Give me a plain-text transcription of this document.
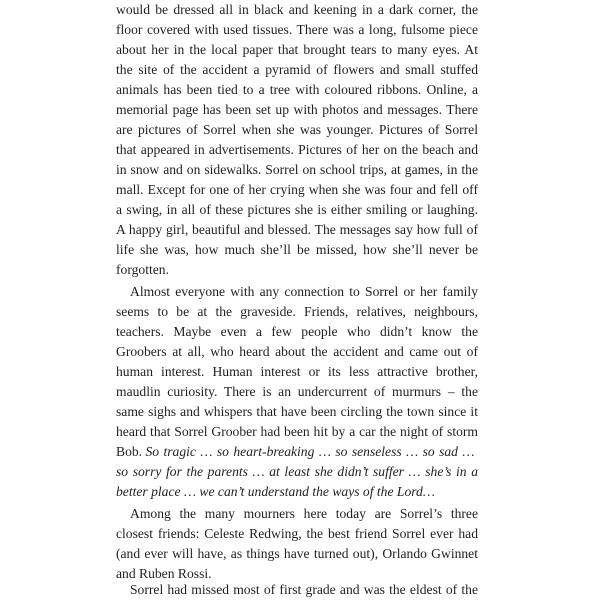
would be dressed all in black and keening in a dark corner, the
floor covered with used tissues. There was a long, fulsome piece
about her in the local paper that brought tears to many eyes. At
the site of the accident a pyramid of flowers and small stuffed
animals has been tied to a tree with coloured ribbons. Online, a
memorial page has been set up with photos and messages. There
are pictures of Sorrel when she was younger. Pictures of Sorrel
that appeared in advertisements. Pictures of her on the beach and
in snow and on sidewalks. Sorrel on school trips, at games, in the
mall. Except for one of her crying when she was four and fell off
a swing, in all of these pictures she is either smiling or laughing.
A happy girl, beautiful and blessed. The messages say how full of
life she was, how much she’ll be missed, how she’ll never be
forgotten.
Almost everyone with any connection to Sorrel or her family
seems to be at the graveside. Friends, relatives, neighbours,
teachers. Maybe even a few people who didn’t know the
Groobers at all, who heard about the accident and came out of
human interest. Human interest or its less attractive brother,
maudlin curiosity. There is an undercurrent of murmurs – the
same sighs and whispers that have been circling the town since it
heard that Sorrel Groober had been hit by a car the night of storm
Bob. So tragic … so heart-breaking … so senseless … so sad …
so sorry for the parents … at least she didn’t suffer … she’s in a
better place … we can’t understand the ways of the Lord…
Among the many mourners here today are Sorrel’s three
closest friends: Celeste Redwing, the best friend Sorrel ever had
(and ever will have, as things have turned out), Orlando Gwinnet
and Ruben Rossi.
Sorrel had missed most of first grade and was the eldest of the
